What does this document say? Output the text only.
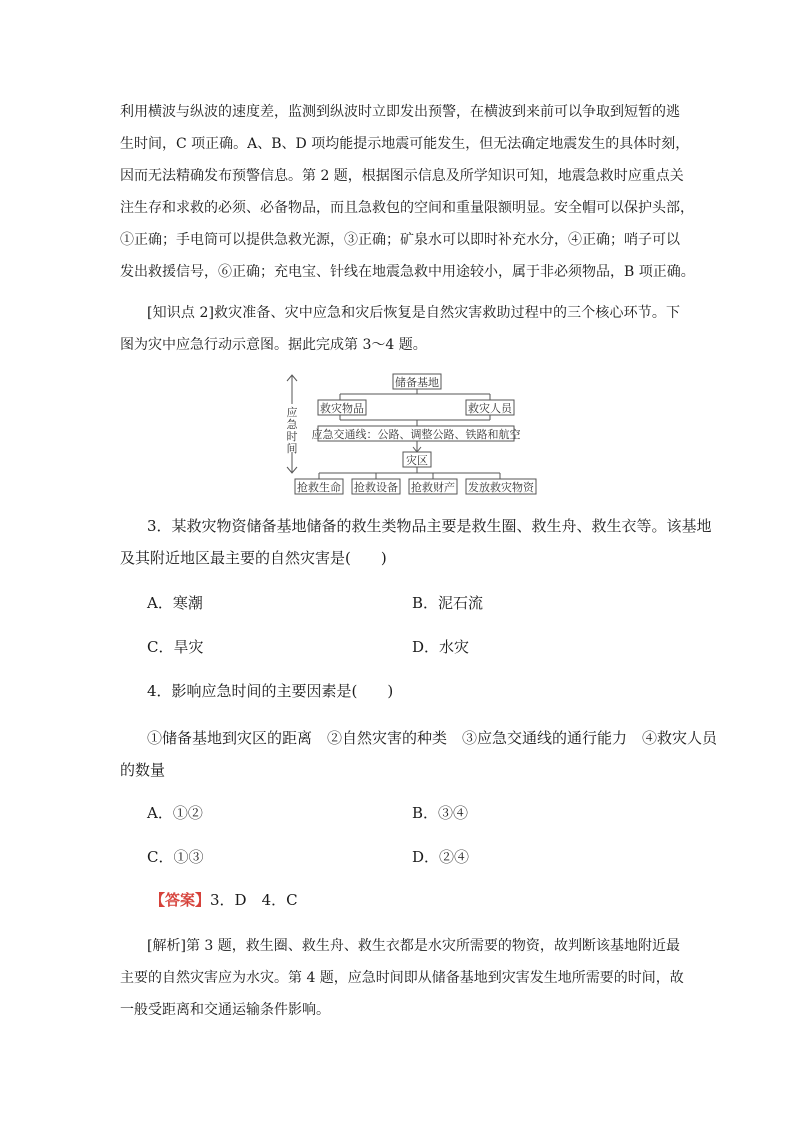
利用横波与纵波的速度差，监测到纵波时立即发出预警，在横波到来前可以争取到短暂的逃
生时间，C 项正确。A、B、D 项均能提示地震可能发生，但无法确定地震发生的具体时刻，
因而无法精确发布预警信息。第 2 题，根据图示信息及所学知识可知，地震急救时应重点关
注生存和求救的必须、必备物品，而且急救包的空间和重量限额明显。安全帽可以保护头部，
①正确；手电筒可以提供急救光源，③正确；矿泉水可以即时补充水分，④正确；哨子可以
发出救援信号，⑥正确；充电宝、针线在地震急救中用途较小，属于非必须物品，B 项正确。
[知识点 2]救灾准备、灾中应急和灾后恢复是自然灾害救助过程中的三个核心环节。下
图为灾中应急行动示意图。据此完成第 3～4 题。
应急时间
储备基地
救灾物品	救灾人员
应急交通线：公路、调整公路、铁路和航空
灾区
抢救生命 抢救设备 抢救财产 发放救灾物资
3．某救灾物资储备基地储备的救生类物品主要是救生圈、救生舟、救生衣等。该基地
及其附近地区最主要的自然灾害是(　　)
A．寒潮	B．泥石流
C．旱灾	D．水灾
4．影响应急时间的主要因素是(　　)
①储备基地到灾区的距离　②自然灾害的种类　③应急交通线的通行能力　④救灾人员
的数量
A．①②	B．③④
C．①③	D．②④
【答案】3．D　4．C
[解析]第 3 题，救生圈、救生舟、救生衣都是水灾所需要的物资，故判断该基地附近最
主要的自然灾害应为水灾。第 4 题，应急时间即从储备基地到灾害发生地所需要的时间，故
一般受距离和交通运输条件影响。
